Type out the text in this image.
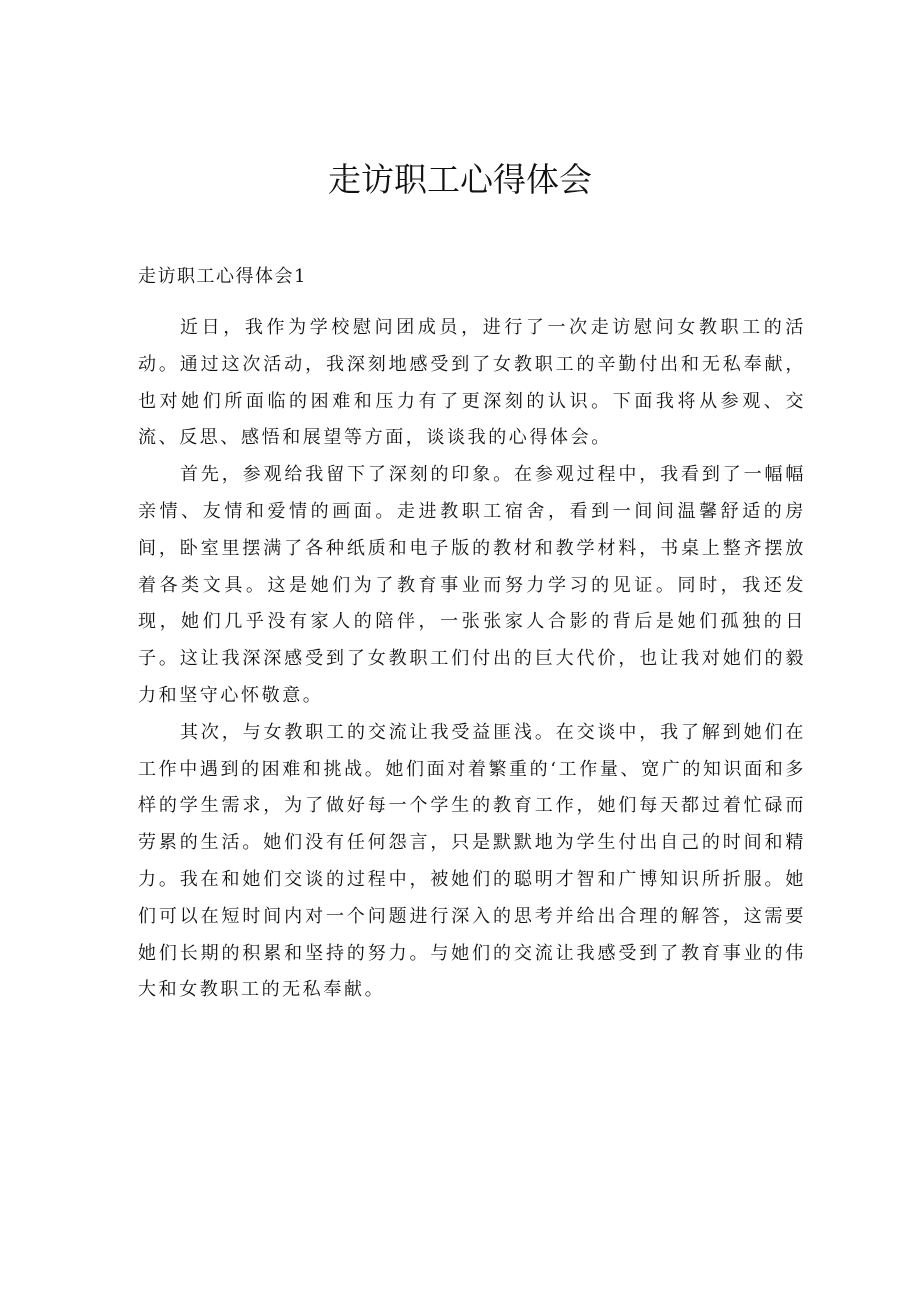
走访职工心得体会
走访职工心得体会1

近日，我作为学校慰问团成员，进行了一次走访慰问女教职工的活动。通过这次活动，我深刻地感受到了女教职工的辛勤付出和无私奉献，也对她们所面临的困难和压力有了更深刻的认识。下面我将从参观、交流、反思、感悟和展望等方面，谈谈我的心得体会。

首先，参观给我留下了深刻的印象。在参观过程中，我看到了一幅幅亲情、友情和爱情的画面。走进教职工宿舍，看到一间间温馨舒适的房间，卧室里摆满了各种纸质和电子版的教材和教学材料，书桌上整齐摆放着各类文具。这是她们为了教育事业而努力学习的见证。同时，我还发现，她们几乎没有家人的陪伴，一张张家人合影的背后是她们孤独的日子。这让我深深感受到了女教职工们付出的巨大代价，也让我对她们的毅力和坚守心怀敬意。

其次，与女教职工的交流让我受益匪浅。在交谈中，我了解到她们在工作中遇到的困难和挑战。她们面对着繁重的‘工作量、宽广的知识面和多样的学生需求，为了做好每一个学生的教育工作，她们每天都过着忙碌而劳累的生活。她们没有任何怨言，只是默默地为学生付出自己的时间和精力。我在和她们交谈的过程中，被她们的聪明才智和广博知识所折服。她们可以在短时间内对一个问题进行深入的思考并给出合理的解答，这需要她们长期的积累和坚持的努力。与她们的交流让我感受到了教育事业的伟大和女教职工的无私奉献。
